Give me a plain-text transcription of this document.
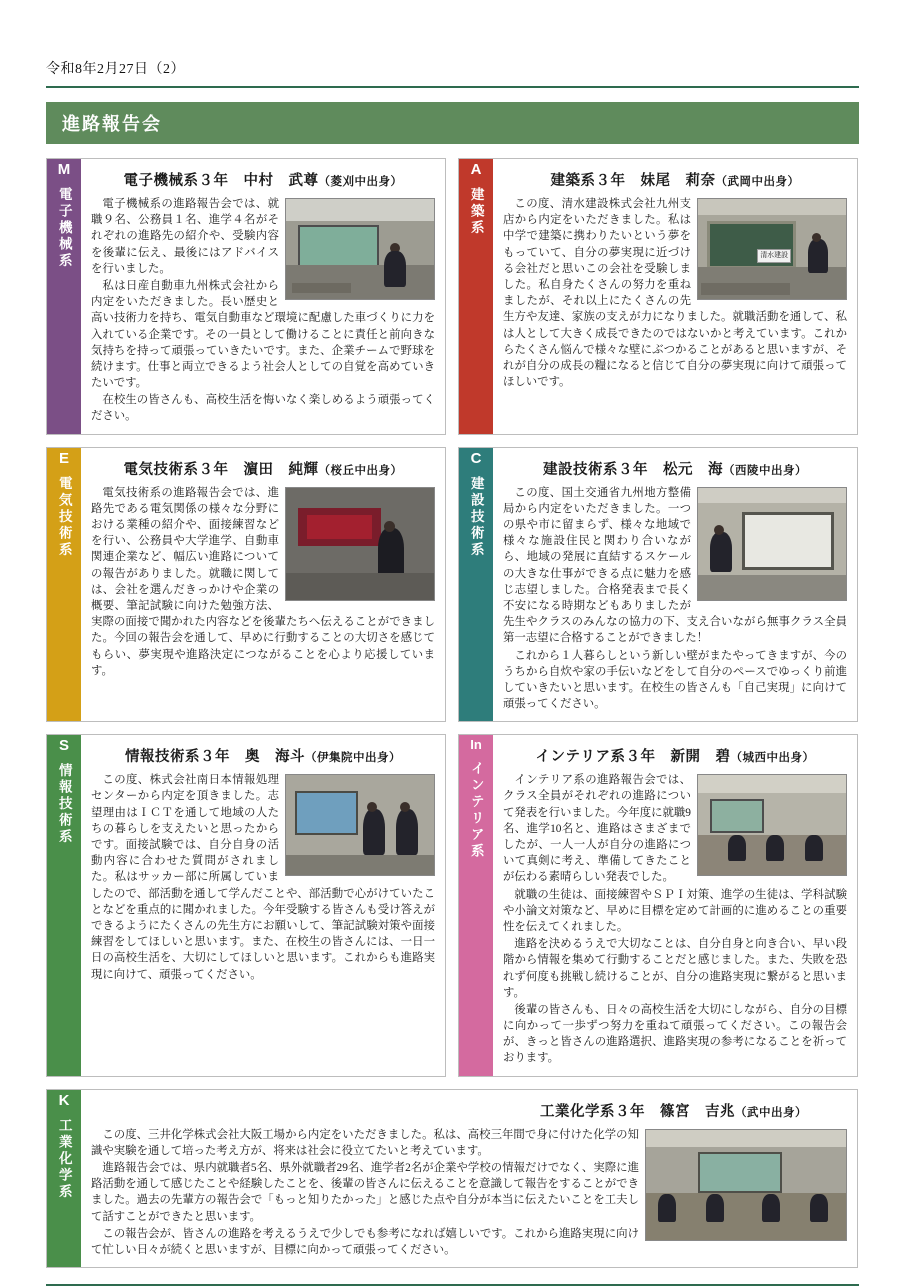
令和8年2月27日（2）
進路報告会
M
電子機械系
電子機械系３年　中村　武尊（菱刈中出身）

電子機械系の進路報告会では、就職９名、公務員１名、進学４名がそれぞれの進路先の紹介や、受験内容を後輩に伝え、最後にはアドバイスを行いました。

私は日産自動車九州株式会社から内定をいただきました。長い歴史と高い技術力を持ち、電気自動車など環境に配慮した車づくりに力を入れている企業です。その一員として働けることに責任と前向きな気持ちを持って頑張っていきたいです。また、企業チームで野球を続けます。仕事と両立できるよう社会人としての自覚を高めていきたいです。

在校生の皆さんも、高校生活を悔いなく楽しめるよう頑張ってください。

A
建築系
建築系３年　妹尾　莉奈（武岡中出身）
清水建設

この度、清水建設株式会社九州支店から内定をいただきました。私は中学で建築に携わりたいという夢をもっていて、自分の夢実現に近づける会社だと思いこの会社を受験しました。私自身たくさんの努力を重ねましたが、それ以上にたくさんの先生方や友達、家族の支えが力になりました。就職活動を通して、私は人として大きく成長できたのではないかと考えています。これからたくさん悩んで様々な壁にぶつかることがあると思いますが、それが自分の成長の糧になると信じて自分の夢実現に向けて頑張ってほしいです。

E
電気技術系
電気技術系３年　濵田　純輝（桜丘中出身）

電気技術系の進路報告会では、進路先である電気関係の様々な分野における業種の紹介や、面接練習などを行い、公務員や大学進学、自動車関連企業など、幅広い進路についての報告がありました。就職に関しては、会社を選んだきっかけや企業の概要、筆記試験に向けた勉強方法、実際の面接で聞かれた内容などを後輩たちへ伝えることができました。今回の報告会を通して、早めに行動することの大切さを感じてもらい、夢実現や進路決定につながることを心より応援しています。

C
建設技術系
建設技術系３年　松元　海（西陵中出身）

この度、国土交通省九州地方整備局から内定をいただきました。一つの県や市に留まらず、様々な地域で様々な施設住民と関わり合いながら、地域の発展に直結するスケールの大きな仕事ができる点に魅力を感じ志望しました。合格発表まで長く不安になる時期などもありましたが先生やクラスのみんなの協力の下、支え合いながら無事クラス全員第一志望に合格することができました！

これから１人暮らしという新しい壁がまたやってきますが、今のうちから自炊や家の手伝いなどをして自分のペースでゆっくり前進していきたいと思います。在校生の皆さんも「自己実現」に向けて頑張ってください。

S
情報技術系
情報技術系３年　奥　海斗（伊集院中出身）

この度、株式会社南日本情報処理センターから内定を頂きました。志望理由はＩＣＴを通して地域の人たちの暮らしを支えたいと思ったからです。面接試験では、自分自身の活動内容に合わせた質問がされました。私はサッカー部に所属していましたので、部活動を通して学んだことや、部活動で心がけていたことなどを重点的に聞かれました。今年受験する皆さんも受け答えができるようにたくさんの先生方にお願いして、筆記試験対策や面接練習をしてほしいと思います。また、在校生の皆さんには、一日一日の高校生活を、大切にしてほしいと思います。これからも進路実現に向けて、頑張ってください。

In
インテリア系
インテリア系３年　新開　碧（城西中出身）

インテリア系の進路報告会では、クラス全員がそれぞれの進路について発表を行いました。今年度に就職9名、進学10名と、進路はさまざまでしたが、一人一人が自分の進路について真剣に考え、準備してきたことが伝わる素晴らしい発表でした。

就職の生徒は、面接練習やＳＰＩ対策、進学の生徒は、学科試験や小論文対策など、早めに目標を定めて計画的に進めることの重要性を伝えてくれました。

進路を決めるうえで大切なことは、自分自身と向き合い、早い段階から情報を集めて行動することだと感じました。また、失敗を恐れず何度も挑戦し続けることが、自分の進路実現に繋がると思います。

後輩の皆さんも、日々の高校生活を大切にしながら、自分の目標に向かって一歩ずつ努力を重ねて頑張ってください。この報告会が、きっと皆さんの進路選択、進路実現の参考になることを祈っております。

K
工業化学系
工業化学系３年　篠宮　吉兆（武中出身）

この度、三井化学株式会社大阪工場から内定をいただきました。私は、高校三年間で身に付けた化学の知識や実験を通して培った考え方が、将来は社会に役立てたいと考えています。

進路報告会では、県内就職者5名、県外就職者29名、進学者2名が企業や学校の情報だけでなく、実際に進路活動を通して感じたことや経験したことを、後輩の皆さんに伝えることを意識して報告をすることができました。過去の先輩方の報告会で「もっと知りたかった」と感じた点や自分が本当に伝えたいことを工夫して話すことができたと思います。

この報告会が、皆さんの進路を考えるうえで少しでも参考になれば嬉しいです。これから進路実現に向けて忙しい日々が続くと思いますが、目標に向かって頑張ってください。
